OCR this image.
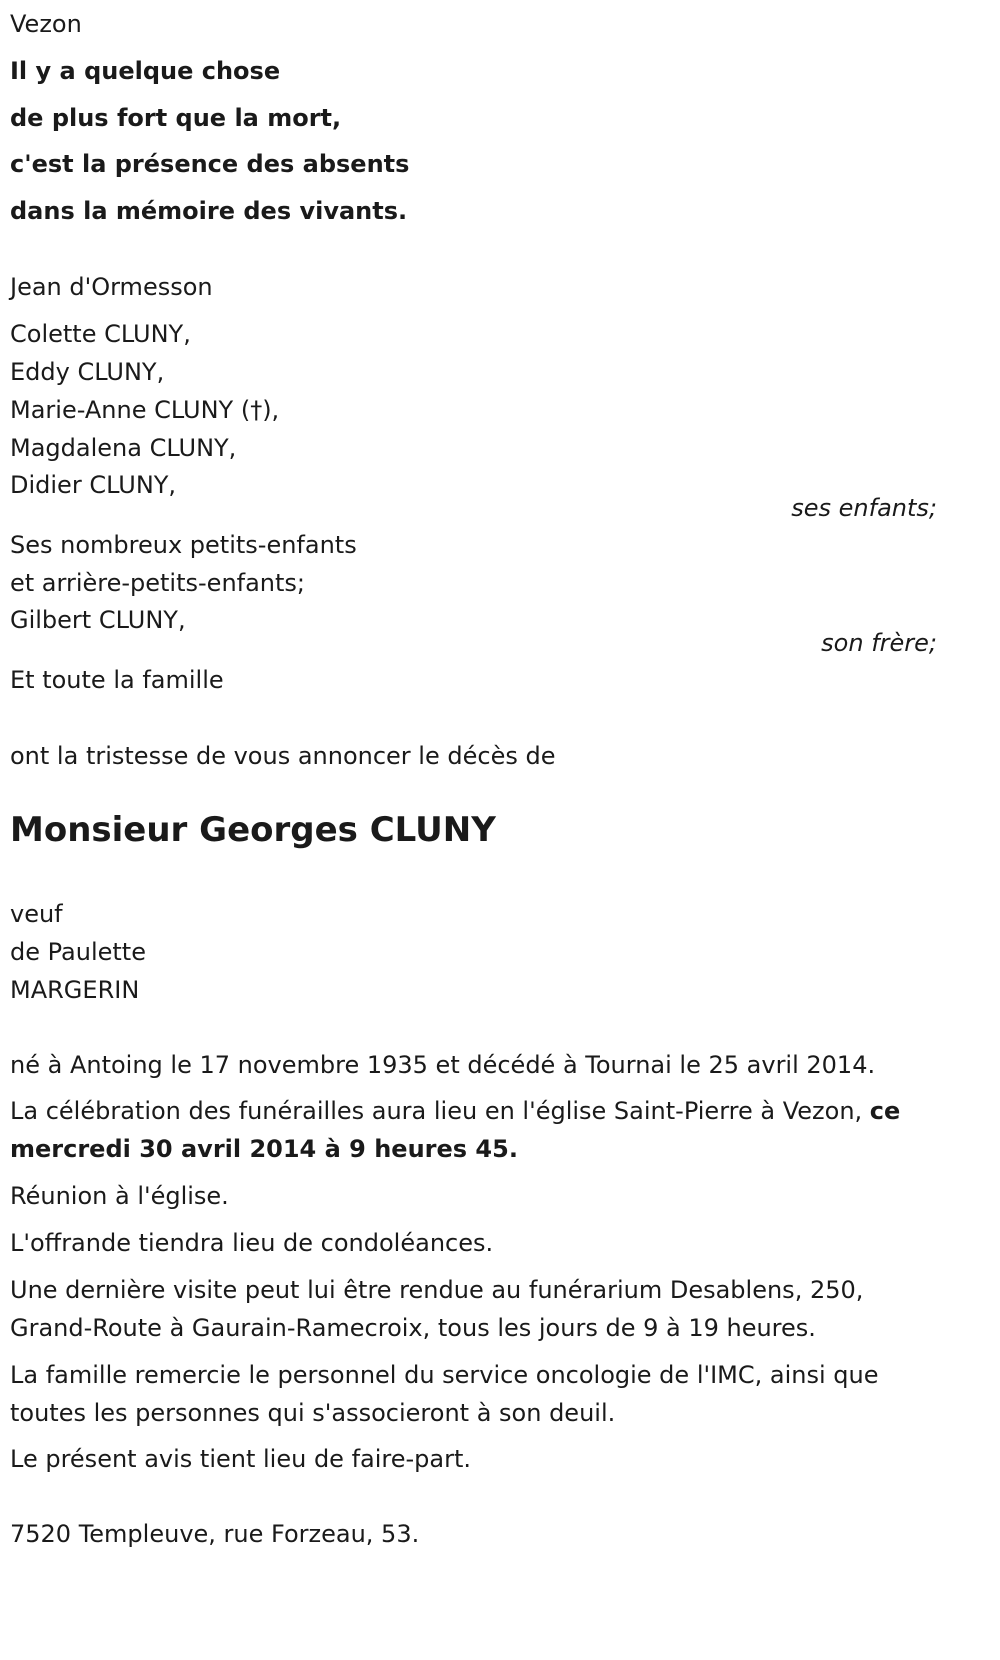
Vezon
Il y a quelque chose
de plus fort que la mort,
c'est la présence des absents
dans la mémoire des vivants.
Jean d'Ormesson
Colette CLUNY,
Eddy CLUNY,
Marie-Anne CLUNY (†),
Magdalena CLUNY,
Didier CLUNY,
ses enfants;
Ses nombreux petits-enfants
et arrière-petits-enfants;
Gilbert CLUNY,
son frère;
Et toute la famille
ont la tristesse de vous annoncer le décès de
Monsieur Georges CLUNY
veuf
de Paulette
MARGERIN
né à Antoing le 17 novembre 1935 et décédé à Tournai le 25 avril 2014.
La célébration des funérailles aura lieu en l'église Saint-Pierre à Vezon, ce
mercredi 30 avril 2014 à 9 heures 45.
Réunion à l'église.
L'offrande tiendra lieu de condoléances.
Une dernière visite peut lui être rendue au funérarium Desablens, 250,
Grand-Route à Gaurain-Ramecroix, tous les jours de 9 à 19 heures.
La famille remercie le personnel du service oncologie de l'IMC, ainsi que
toutes les personnes qui s'associeront à son deuil.
Le présent avis tient lieu de faire-part.
7520 Templeuve, rue Forzeau, 53.
